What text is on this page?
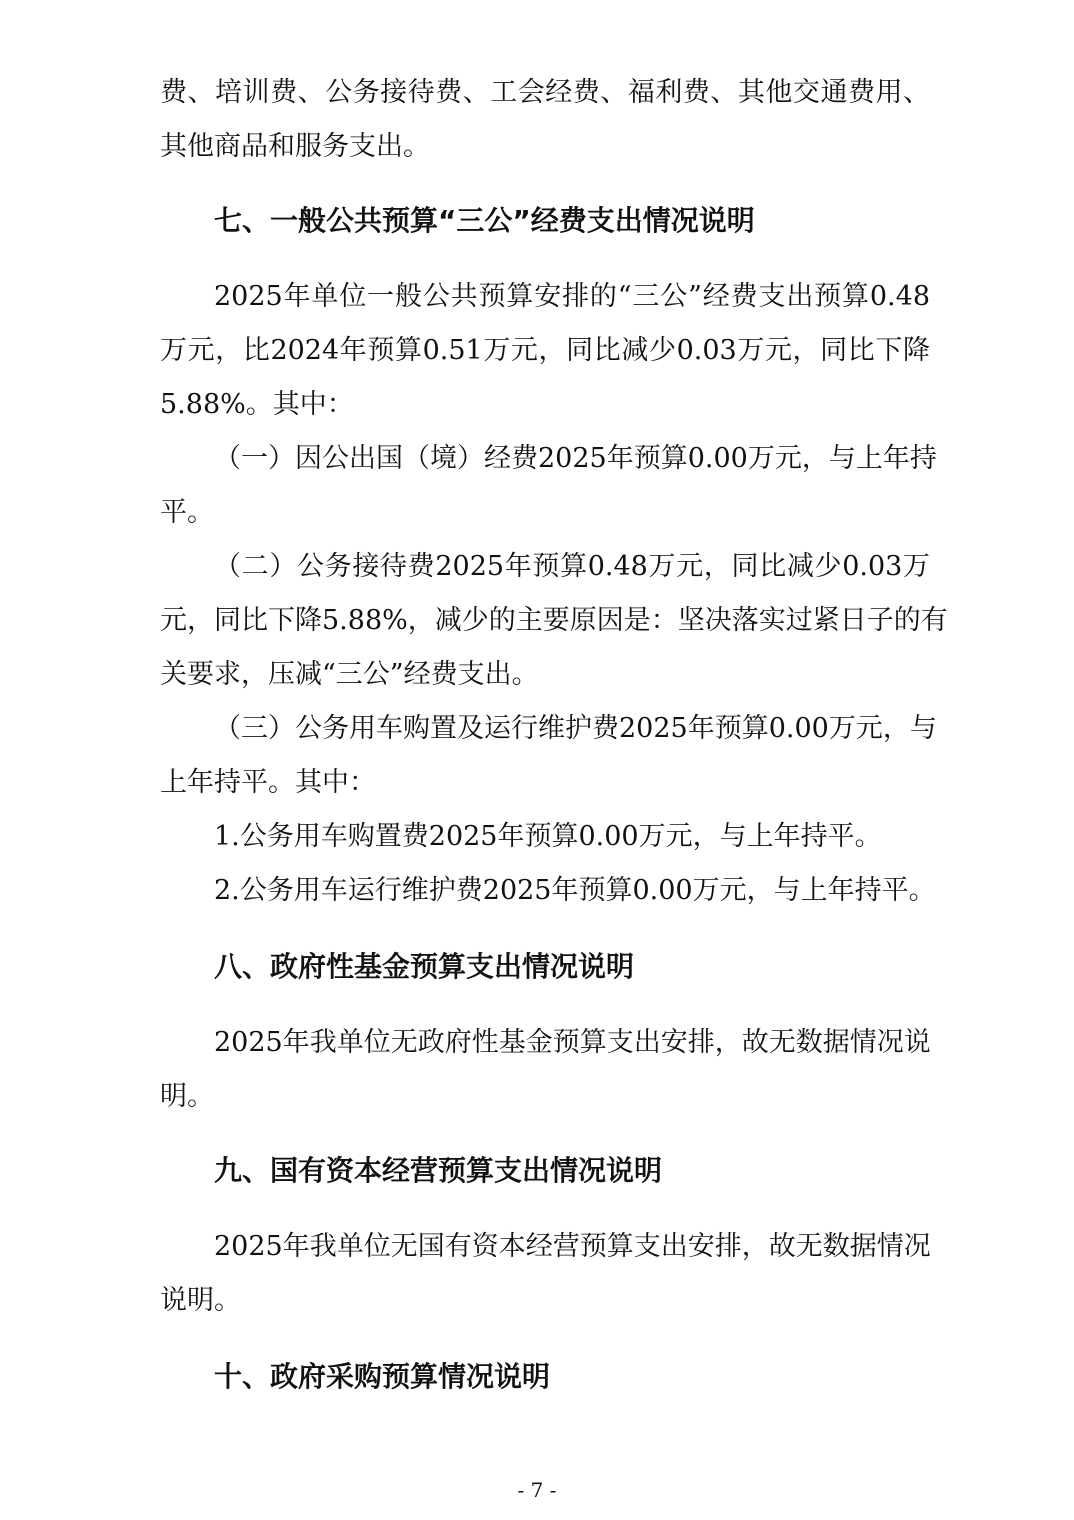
费、培训费、公务接待费、工会经费、福利费、其他交通费用、
其他商品和服务支出。
七、一般公共预算“三公”经费支出情况说明
2025年单位一般公共预算安排的“三公”经费支出预算0.48
万元，比2024年预算0.51万元，同比减少0.03万元，同比下降
5.88%。其中：
（一）因公出国（境）经费2025年预算0.00万元，与上年持
平。
（二）公务接待费2025年预算0.48万元，同比减少0.03万
元，同比下降5.88%，减少的主要原因是：坚决落实过紧日子的有
关要求，压减“三公”经费支出。
（三）公务用车购置及运行维护费2025年预算0.00万元，与
上年持平。其中：
1.公务用车购置费2025年预算0.00万元，与上年持平。
2.公务用车运行维护费2025年预算0.00万元，与上年持平。
八、政府性基金预算支出情况说明
2025年我单位无政府性基金预算支出安排，故无数据情况说
明。
九、国有资本经营预算支出情况说明
2025年我单位无国有资本经营预算支出安排，故无数据情况
说明。
十、政府采购预算情况说明
- 7 -
